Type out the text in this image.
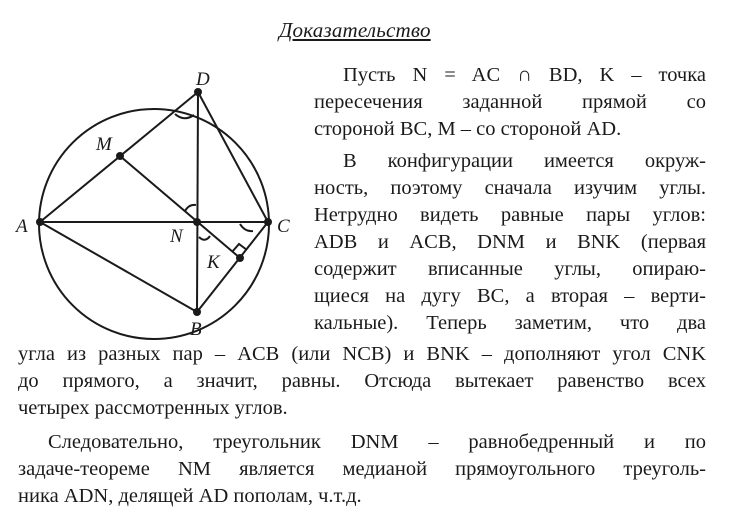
Доказательство
D
M
A	C
N
K
B

Пусть N = AC ∩ BD, K – точка

пересечения заданной прямой со

стороной BC, M – со стороной AD.

В конфигурации имеется окруж-

ность, поэтому сначала изучим углы.

Нетрудно видеть равные пары углов:

ADB и ACB, DNM и BNK (первая

содержит вписанные углы, опираю-

щиеся на дугу BC, а вторая – верти-

кальные). Теперь заметим, что два

угла из разных пар – ACB (или NCB) и BNK – дополняют угол CNK

до прямого, а значит, равны. Отсюда вытекает равенство всех

четырех рассмотренных углов.

Следовательно, треугольник DNM – равнобедренный и по

задаче-теореме NM является медианой прямоугольного треуголь-

ника ADN, делящей AD пополам, ч.т.д.
